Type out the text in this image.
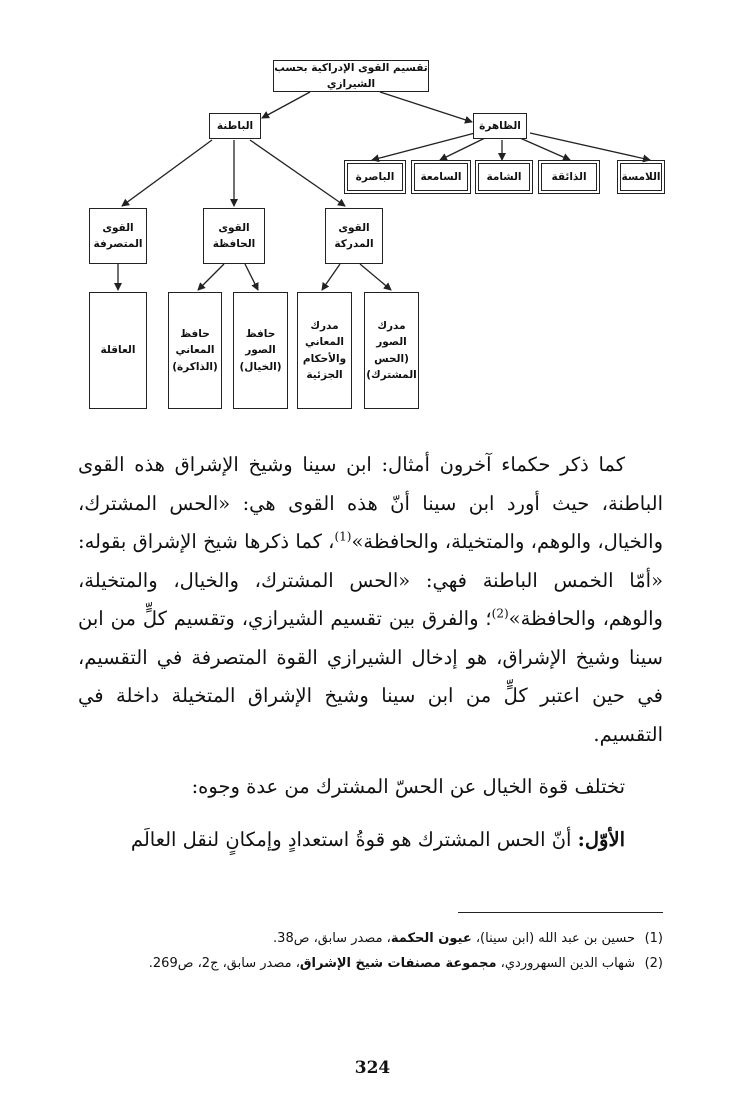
تقسيم القوى الإدراكية بحسب الشيرازي
الظاهرة
الباطنة
اللامسة
الذائقة
الشامة
السامعة
الباصرة
القوى
المدركة
القوى
الحافظة
القوى
المتصرفة
مدرك
الصور
(الحس
المشترك)
مدرك
المعاني
والأحكام
الجزئية
حافظ
الصور
(الخيال)
حافظ
المعاني
(الذاكرة)
العاقلة

كما ذكر حكماء آخرون أمثال: ابن سينا وشيخ الإشراق هذه القوى الباطنة، حيث أورد ابن سينا أنّ هذه القوى هي: «الحس المشترك، والخيال، والوهم، والمتخيلة، والحافظة»$^{(1)}$، كما ذكرها شيخ الإشراق بقوله: «أمّا الخمس الباطنة فهي: «الحس المشترك، والخيال، والمتخيلة، والوهم، والحافظة»$^{(2)}$؛ والفرق بين تقسيم الشيرازي، وتقسيم كلٍّ من ابن سينا وشيخ الإشراق، هو إدخال الشيرازي القوة المتصرفة في التقسيم، في حين اعتبر كلٍّ من ابن سينا وشيخ الإشراق المتخيلة داخلة في التقسيم.

تختلف قوة الخيال عن الحسّ المشترك من عدة وجوه:

الأوّل: أنّ الحس المشترك هو قوةُ استعدادٍ وإمكانٍ لنقل العالَم

(1)
حسين بن عبد الله (ابن سينا)، عيون الحكمة، مصدر سابق، ص38.

(2)
شهاب الدين السهروردي، مجموعة مصنفات شيخ الإشراق، مصدر سابق، ج2، ص269.

324
